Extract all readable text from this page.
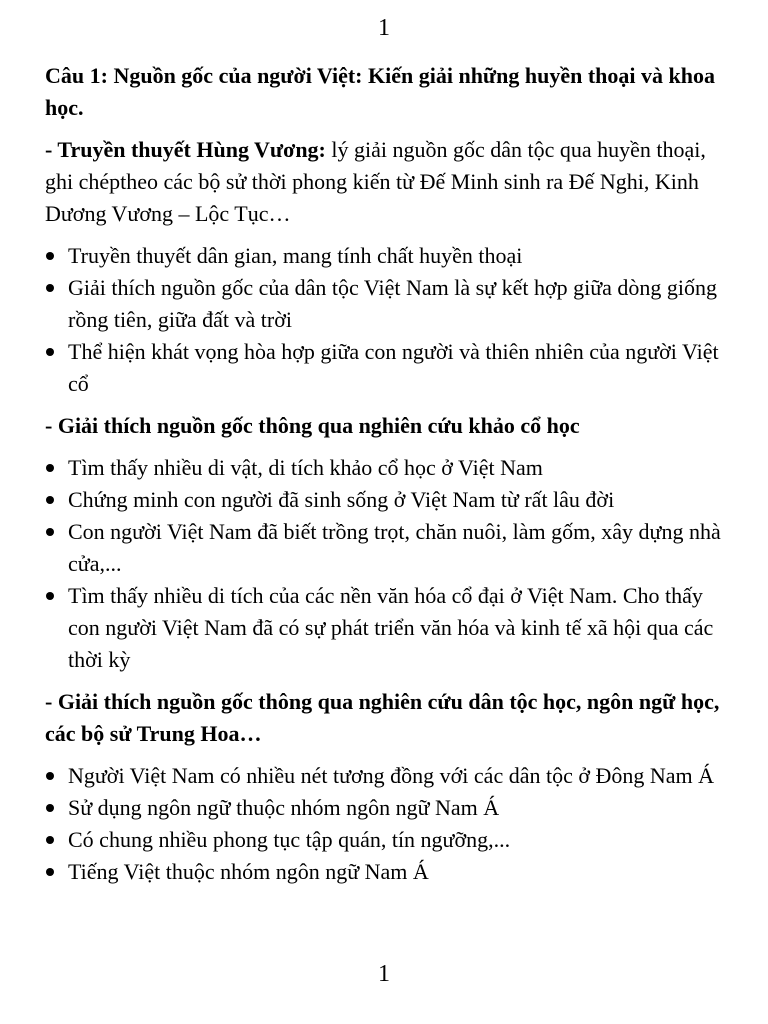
1

Câu 1: Nguồn gốc của người Việt: Kiến giải những huyền thoại và khoa học.

- Truyền thuyết Hùng Vương: lý giải nguồn gốc dân tộc qua huyền thoại, ghi chéptheo các bộ sử thời phong kiến từ Đế Minh sinh ra Đế Nghi, Kinh Dương Vương – Lộc Tục…

Truyền thuyết dân gian, mang tính chất huyền thoại
Giải thích nguồn gốc của dân tộc Việt Nam là sự kết hợp giữa dòng giống rồng tiên, giữa đất và trời
Thể hiện khát vọng hòa hợp giữa con người và thiên nhiên của người Việt cổ

- Giải thích nguồn gốc thông qua nghiên cứu khảo cổ học

Tìm thấy nhiều di vật, di tích khảo cổ học ở Việt Nam
Chứng minh con người đã sinh sống ở Việt Nam từ rất lâu đời
Con người Việt Nam đã biết trồng trọt, chăn nuôi, làm gốm, xây dựng nhà cửa,...
Tìm thấy nhiều di tích của các nền văn hóa cổ đại ở Việt Nam. Cho thấy con người Việt Nam đã có sự phát triển văn hóa và kinh tế xã hội qua các thời kỳ

- Giải thích nguồn gốc thông qua nghiên cứu dân tộc học, ngôn ngữ học, các bộ sử Trung Hoa…

Người Việt Nam có nhiều nét tương đồng với các dân tộc ở Đông Nam Á
Sử dụng ngôn ngữ thuộc nhóm ngôn ngữ Nam Á
Có chung nhiều phong tục tập quán, tín ngưỡng,...
Tiếng Việt thuộc nhóm ngôn ngữ Nam Á
1
